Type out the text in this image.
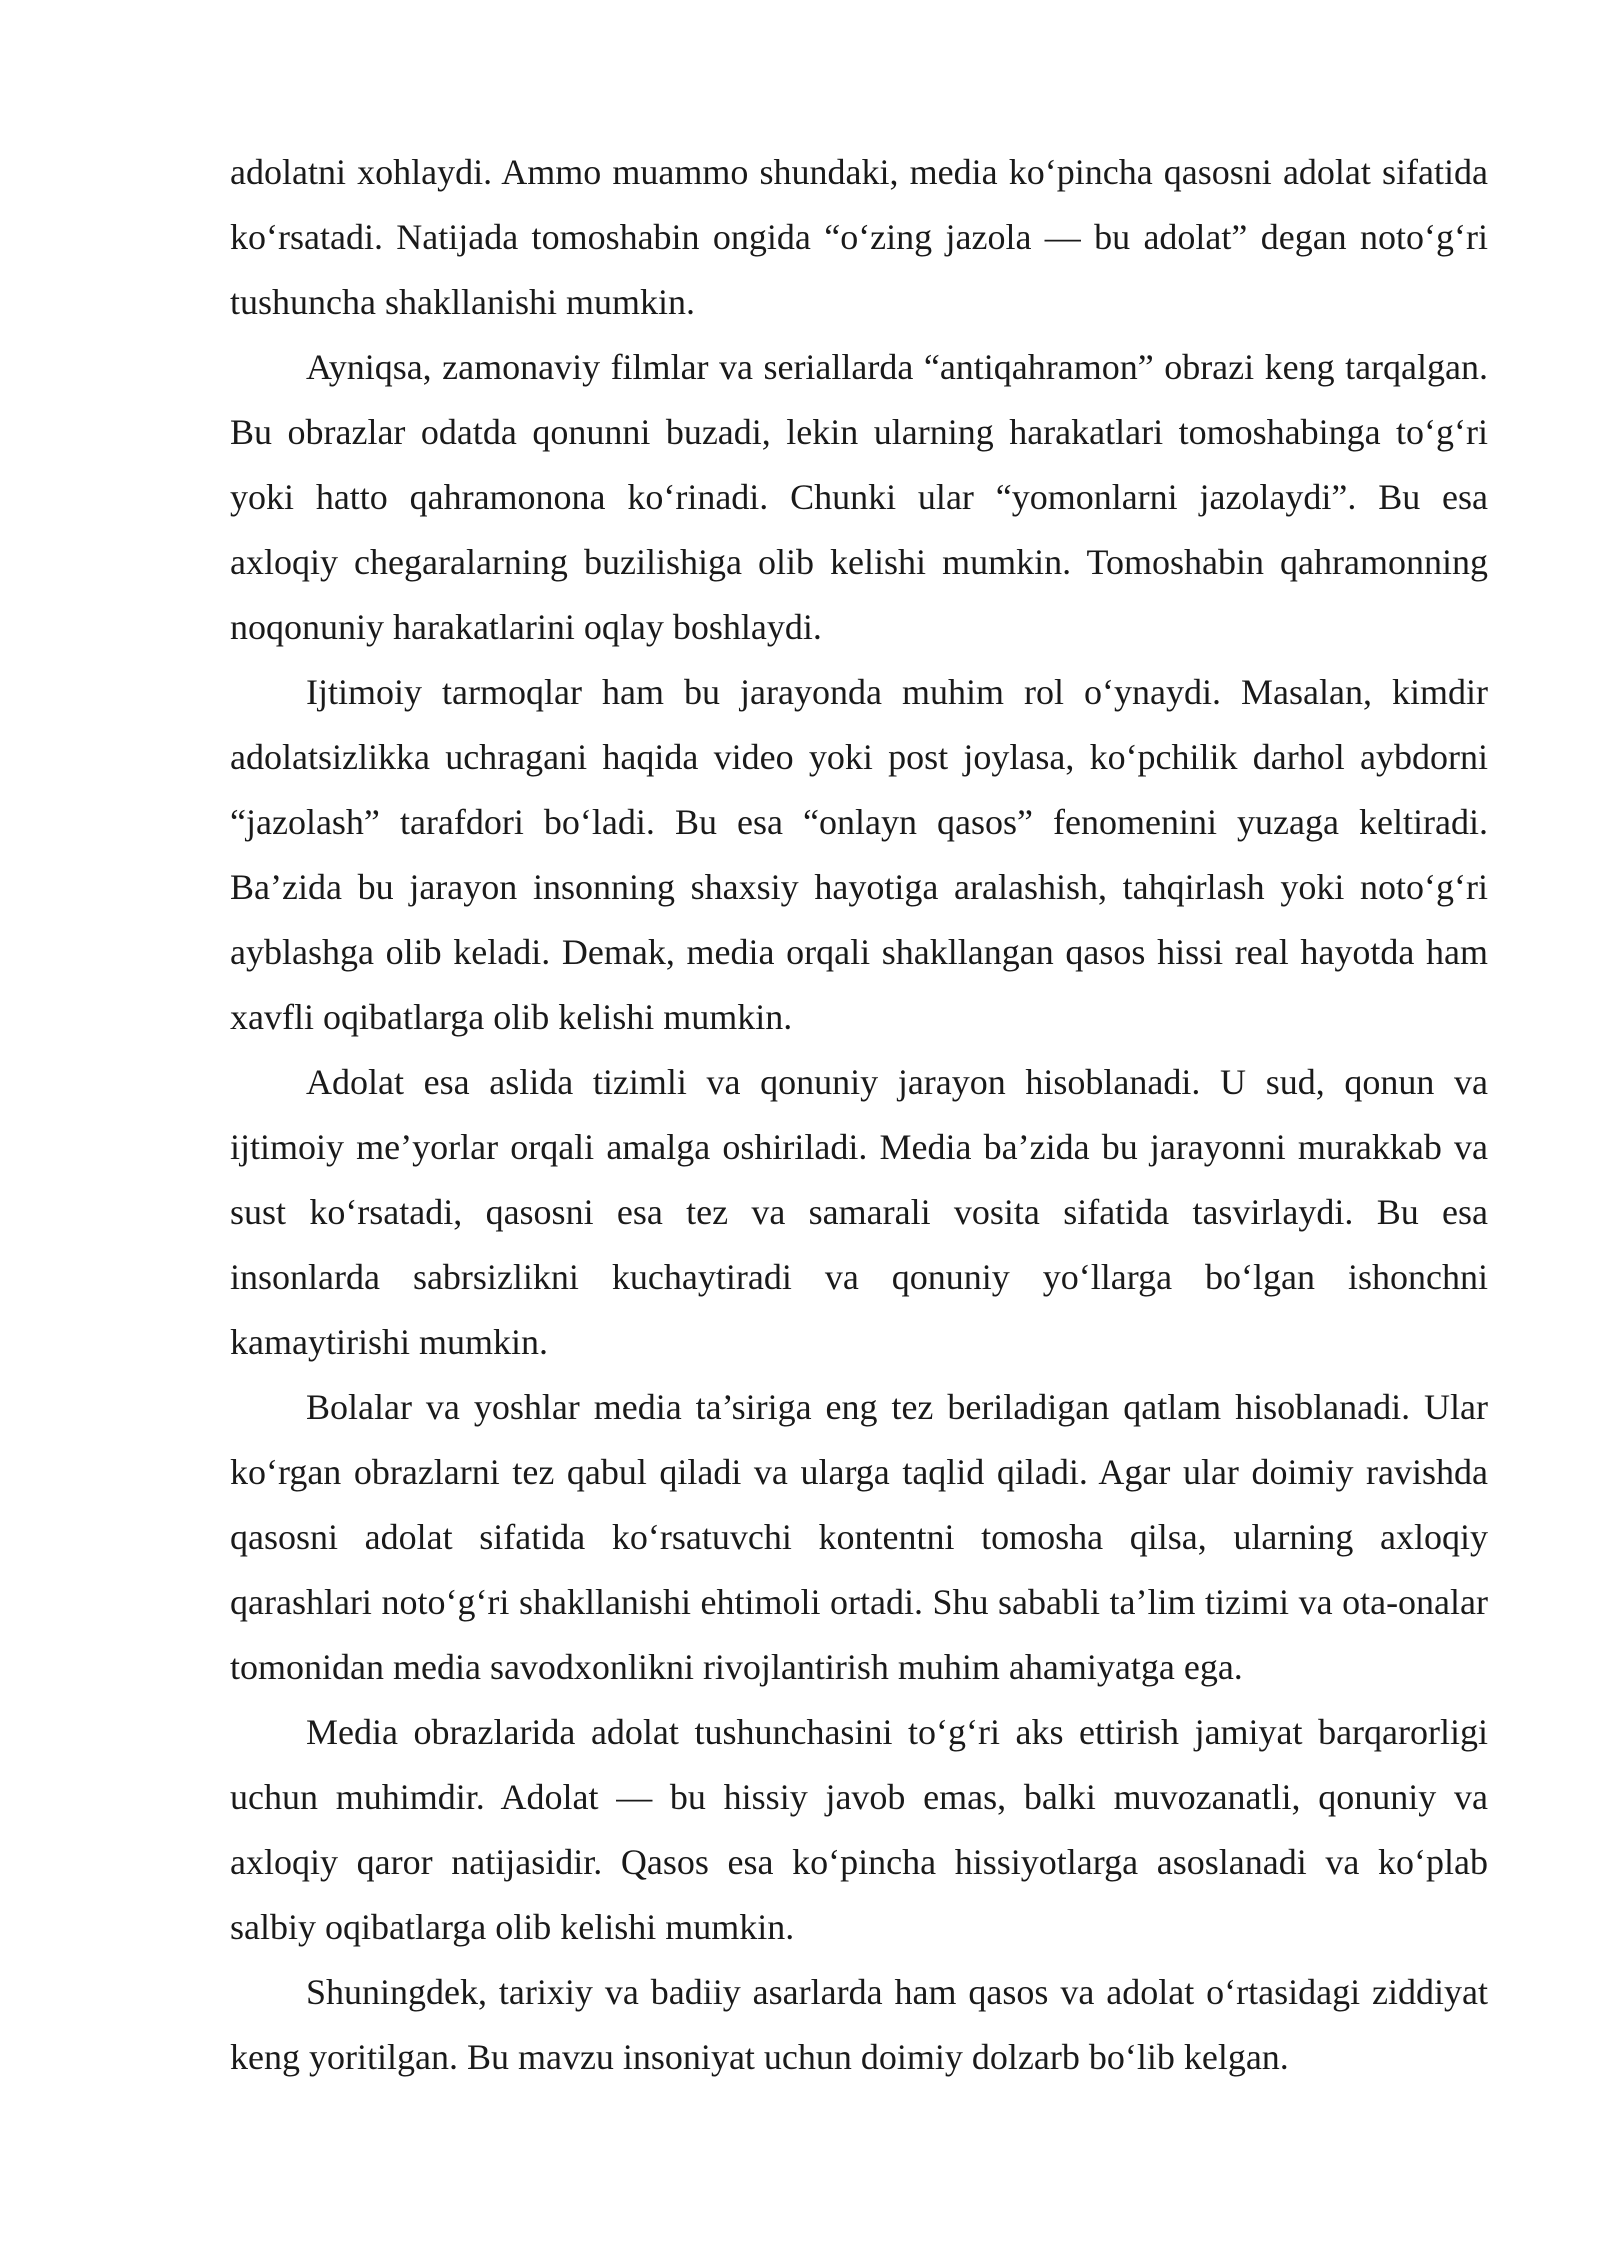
adolatni xohlaydi. Ammo muammo shundaki, media ko‘pincha qasosni adolat sifatida ko‘rsatadi. Natijada tomoshabin ongida “o‘zing jazola — bu adolat” degan noto‘g‘ri tushuncha shakllanishi mumkin.

Ayniqsa, zamonaviy filmlar va seriallarda “antiqahramon” obrazi keng tarqalgan. Bu obrazlar odatda qonunni buzadi, lekin ularning harakatlari tomoshabinga to‘g‘ri yoki hatto qahramonona ko‘rinadi. Chunki ular “yomonlarni jazolaydi”. Bu esa axloqiy chegaralarning buzilishiga olib kelishi mumkin. Tomoshabin qahramonning noqonuniy harakatlarini oqlay boshlaydi.

Ijtimoiy tarmoqlar ham bu jarayonda muhim rol o‘ynaydi. Masalan, kimdir adolatsizlikka uchragani haqida video yoki post joylasa, ko‘pchilik darhol aybdorni “jazolash” tarafdori bo‘ladi. Bu esa “onlayn qasos” fenomenini yuzaga keltiradi. Ba’zida bu jarayon insonning shaxsiy hayotiga aralashish, tahqirlash yoki noto‘g‘ri ayblashga olib keladi. Demak, media orqali shakllangan qasos hissi real hayotda ham xavfli oqibatlarga olib kelishi mumkin.

Adolat esa aslida tizimli va qonuniy jarayon hisoblanadi. U sud, qonun va ijtimoiy me’yorlar orqali amalga oshiriladi. Media ba’zida bu jarayonni murakkab va sust ko‘rsatadi, qasosni esa tez va samarali vosita sifatida tasvirlaydi. Bu esa insonlarda sabrsizlikni kuchaytiradi va qonuniy yo‘llarga bo‘lgan ishonchni kamaytirishi mumkin.

Bolalar va yoshlar media ta’siriga eng tez beriladigan qatlam hisoblanadi. Ular ko‘rgan obrazlarni tez qabul qiladi va ularga taqlid qiladi. Agar ular doimiy ravishda qasosni adolat sifatida ko‘rsatuvchi kontentni tomosha qilsa, ularning axloqiy qarashlari noto‘g‘ri shakllanishi ehtimoli ortadi. Shu sababli ta’lim tizimi va ota-onalar tomonidan media savodxonlikni rivojlantirish muhim ahamiyatga ega.

Media obrazlarida adolat tushunchasini to‘g‘ri aks ettirish jamiyat barqarorligi uchun muhimdir. Adolat — bu hissiy javob emas, balki muvozanatli, qonuniy va axloqiy qaror natijasidir. Qasos esa ko‘pincha hissiyotlarga asoslanadi va ko‘plab salbiy oqibatlarga olib kelishi mumkin.

Shuningdek, tarixiy va badiiy asarlarda ham qasos va adolat o‘rtasidagi ziddiyat keng yoritilgan. Bu mavzu insoniyat uchun doimiy dolzarb bo‘lib kelgan.
